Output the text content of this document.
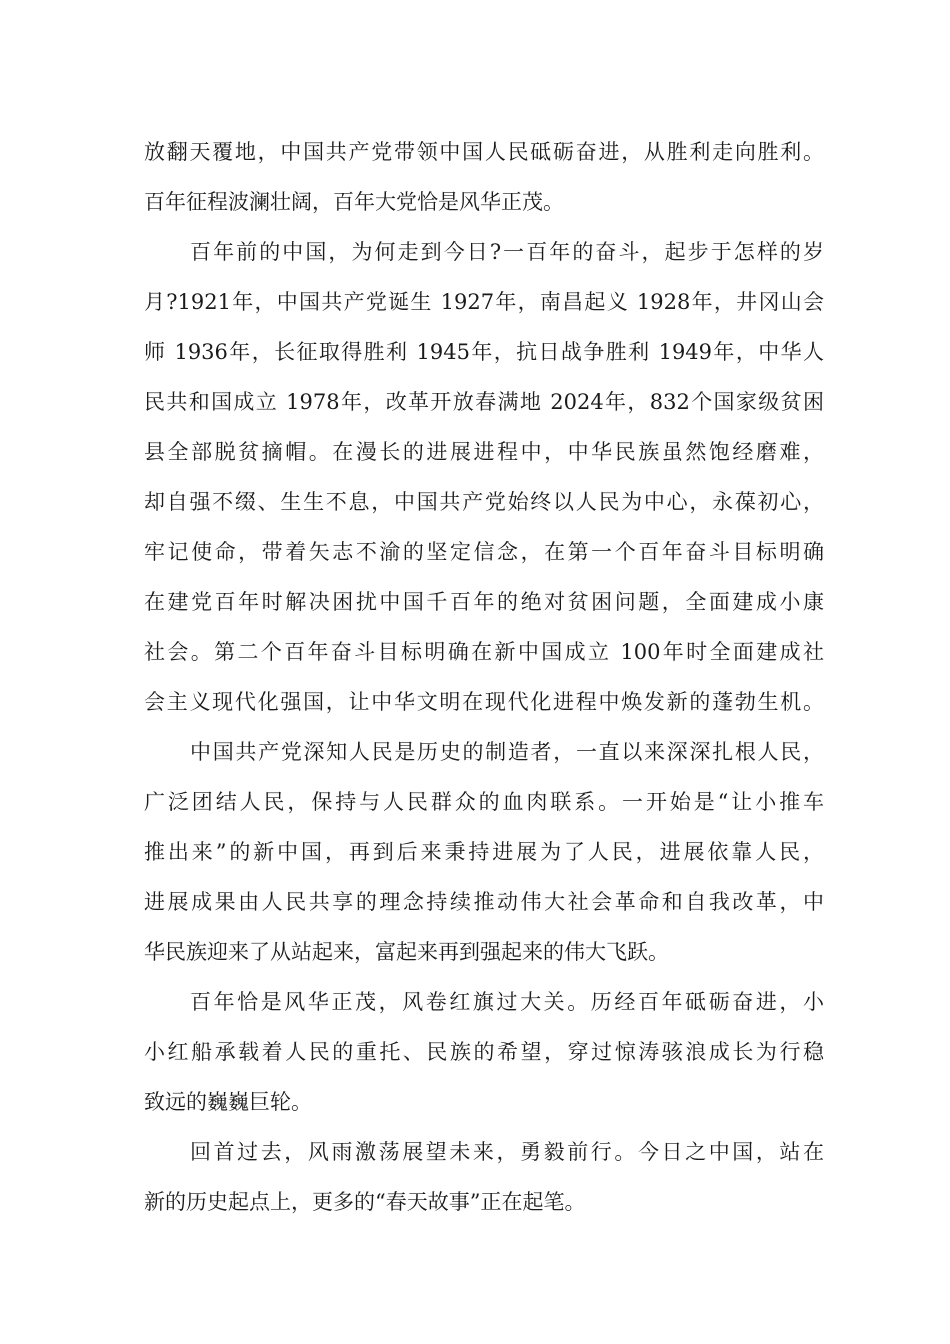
放翻天覆地，中国共产党带领中国人民砥砺奋进，从胜利走向胜利。
百年征程波澜壮阔，百年大党恰是风华正茂。
百年前的中国，为何走到今日?一百年的奋斗，起步于怎样的岁
月?1921年，中国共产党诞生 1927年，南昌起义 1928年，井冈山会
师 1936年，长征取得胜利 1945年，抗日战争胜利 1949年，中华人
民共和国成立 1978年，改革开放春满地 2024年，832个国家级贫困
县全部脱贫摘帽。在漫长的进展进程中，中华民族虽然饱经磨难，
却自强不缀、生生不息，中国共产党始终以人民为中心，永葆初心，
牢记使命，带着矢志不渝的坚定信念，在第一个百年奋斗目标明确
在建党百年时解决困扰中国千百年的绝对贫困问题，全面建成小康
社会。第二个百年奋斗目标明确在新中国成立 100年时全面建成社
会主义现代化强国，让中华文明在现代化进程中焕发新的蓬勃生机。
中国共产党深知人民是历史的制造者，一直以来深深扎根人民，
广泛团结人民，保持与人民群众的血肉联系。一开始是“让小推车
推出来”的新中国，再到后来秉持进展为了人民，进展依靠人民，
进展成果由人民共享的理念持续推动伟大社会革命和自我改革，中
华民族迎来了从站起来，富起来再到强起来的伟大飞跃。
百年恰是风华正茂，风卷红旗过大关。历经百年砥砺奋进，小
小红船承载着人民的重托、民族的希望，穿过惊涛骇浪成长为行稳
致远的巍巍巨轮。
回首过去，风雨激荡展望未来，勇毅前行。今日之中国，站在
新的历史起点上，更多的“春天故事”正在起笔。
